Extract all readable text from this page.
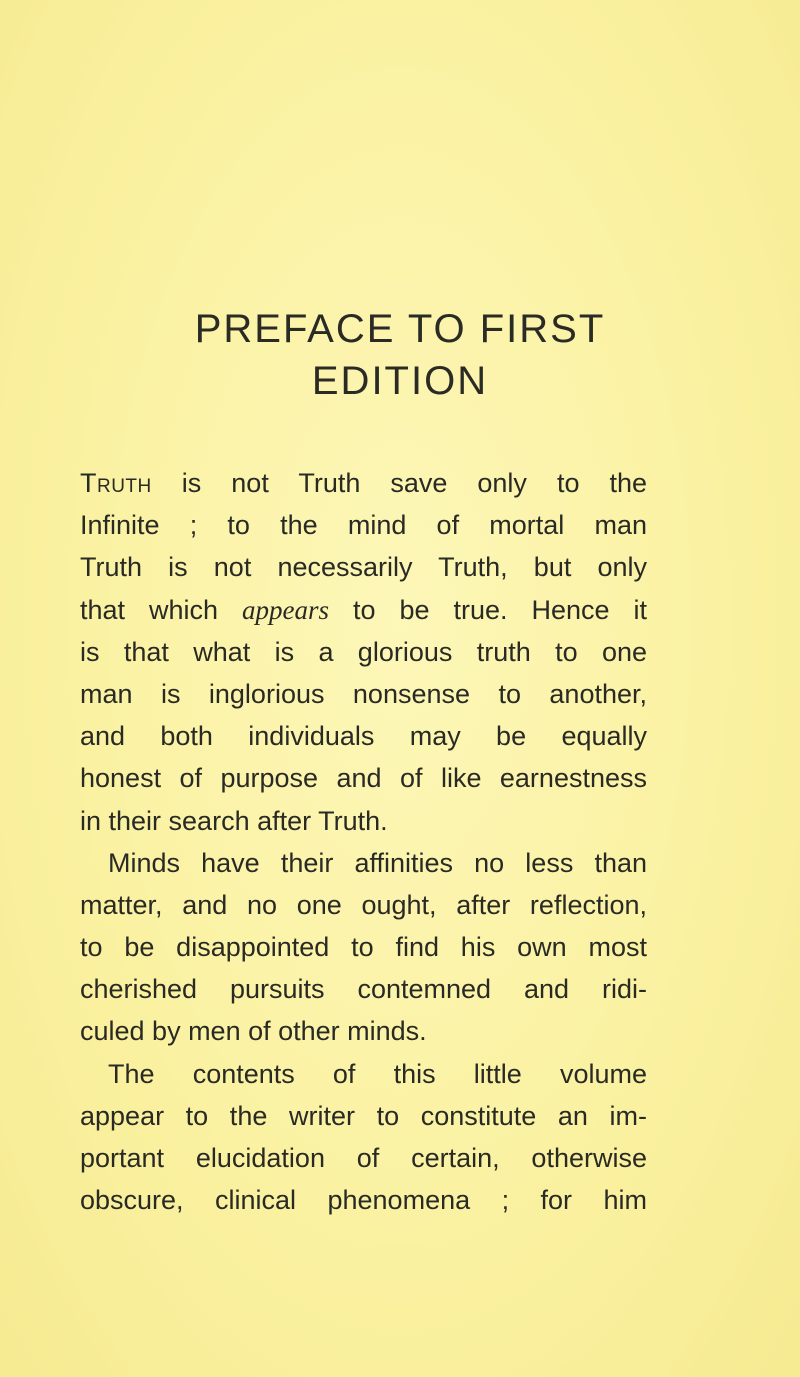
PREFACE TO FIRST
EDITION
Truth is not Truth save only to the
Infinite ; to the mind of mortal man
Truth is not necessarily Truth, but only
that which appears to be true. Hence it
is that what is a glorious truth to one
man is inglorious nonsense to another,
and both individuals may be equally
honest of purpose and of like earnestness
in their search after Truth.
Minds have their affinities no less than
matter, and no one ought, after reflection,
to be disappointed to find his own most
cherished pursuits contemned and ridi-
culed by men of other minds.
The contents of this little volume
appear to the writer to constitute an im-
portant elucidation of certain, otherwise
obscure, clinical phenomena ; for him
